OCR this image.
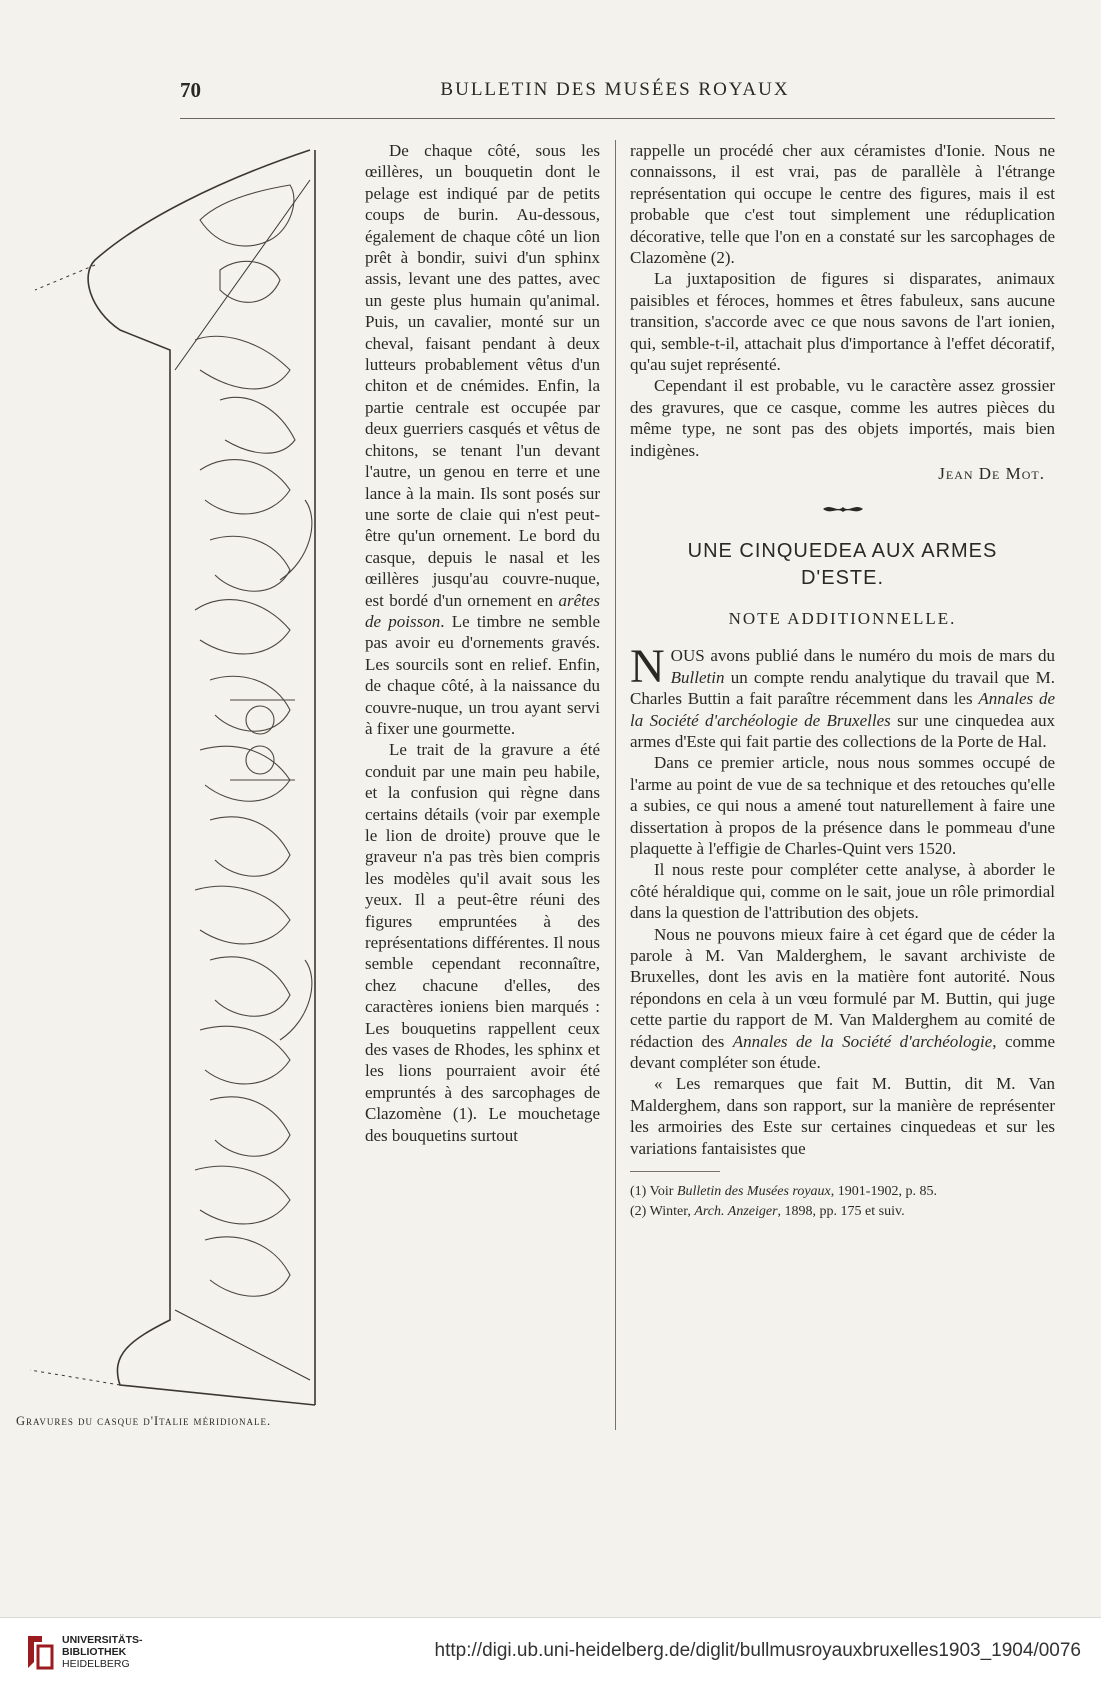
70	BULLETIN DES MUSÉES ROYAUX
Gravures du casque d'Italie méridionale.

De chaque côté, sous les œillères, un bouquetin dont le pelage est indiqué par de petits coups de burin. Au-dessous, également de chaque côté un lion prêt à bondir, suivi d'un sphinx assis, levant une des pattes, avec un geste plus humain qu'animal. Puis, un cavalier, monté sur un cheval, faisant pendant à deux lutteurs probablement vêtus d'un chiton et de cnémides. Enfin, la partie centrale est occupée par deux guerriers casqués et vêtus de chitons, se tenant l'un devant l'autre, un genou en terre et une lance à la main. Ils sont posés sur une sorte de claie qui n'est peut-être qu'un ornement. Le bord du casque, depuis le nasal et les œillères jusqu'au couvre-nuque, est bordé d'un ornement en arêtes de poisson. Le timbre ne semble pas avoir eu d'ornements gravés. Les sourcils sont en relief. Enfin, de chaque côté, à la naissance du couvre-nuque, un trou ayant servi à fixer une gourmette.

Le trait de la gravure a été conduit par une main peu habile, et la confusion qui règne dans certains détails (voir par exemple le lion de droite) prouve que le graveur n'a pas très bien compris les modèles qu'il avait sous les yeux. Il a peut-être réuni des figures empruntées à des représentations différentes. Il nous semble cependant reconnaître, chez chacune d'elles, des caractères ioniens bien marqués : Les bouquetins rappellent ceux des vases de Rhodes, les sphinx et les lions pourraient avoir été empruntés à des sarcophages de Clazomène (1). Le mouchetage des bouquetins surtout

rappelle un procédé cher aux céramistes d'Ionie. Nous ne connaissons, il est vrai, pas de parallèle à l'étrange représentation qui occupe le centre des figures, mais il est probable que c'est tout simplement une réduplication décorative, telle que l'on en a constaté sur les sarcophages de Clazomène (2).

La juxtaposition de figures si disparates, animaux paisibles et féroces, hommes et êtres fabuleux, sans aucune transition, s'accorde avec ce que nous savons de l'art ionien, qui, semble-t-il, attachait plus d'importance à l'effet décoratif, qu'au sujet représenté.

Cependant il est probable, vu le caractère assez grossier des gravures, que ce casque, comme les autres pièces du même type, ne sont pas des objets importés, mais bien indigènes.

Jean De Mot.
UNE CINQUEDEA AUX ARMES
D'ESTE.
NOTE ADDITIONNELLE.

NOUS avons publié dans le numéro du mois de mars du Bulletin un compte rendu analytique du travail que M. Charles Buttin a fait paraître récemment dans les Annales de la Société d'archéologie de Bruxelles sur une cinquedea aux armes d'Este qui fait partie des collections de la Porte de Hal.

Dans ce premier article, nous nous sommes occupé de l'arme au point de vue de sa technique et des retouches qu'elle a subies, ce qui nous a amené tout naturellement à faire une dissertation à propos de la présence dans le pommeau d'une plaquette à l'effigie de Charles-Quint vers 1520.

Il nous reste pour compléter cette analyse, à aborder le côté héraldique qui, comme on le sait, joue un rôle primordial dans la question de l'attribution des objets.

Nous ne pouvons mieux faire à cet égard que de céder la parole à M. Van Malderghem, le savant archiviste de Bruxelles, dont les avis en la matière font autorité. Nous répondons en cela à un vœu formulé par M. Buttin, qui juge cette partie du rapport de M. Van Malderghem au comité de rédaction des Annales de la Société d'archéologie, comme devant compléter son étude.

« Les remarques que fait M. Buttin, dit M. Van Malderghem, dans son rapport, sur la manière de représenter les armoiries des Este sur certaines cinquedeas et sur les variations fantaisistes que

(1) Voir Bulletin des Musées royaux, 1901-1902, p. 85.
(2) Winter, Arch. Anzeiger, 1898, pp. 175 et suiv.
UNIVERSITÄTS-
BIBLIOTHEK
HEIDELBERG
http://digi.ub.uni-heidelberg.de/diglit/bullmusroyauxbruxelles1903_1904/0076
